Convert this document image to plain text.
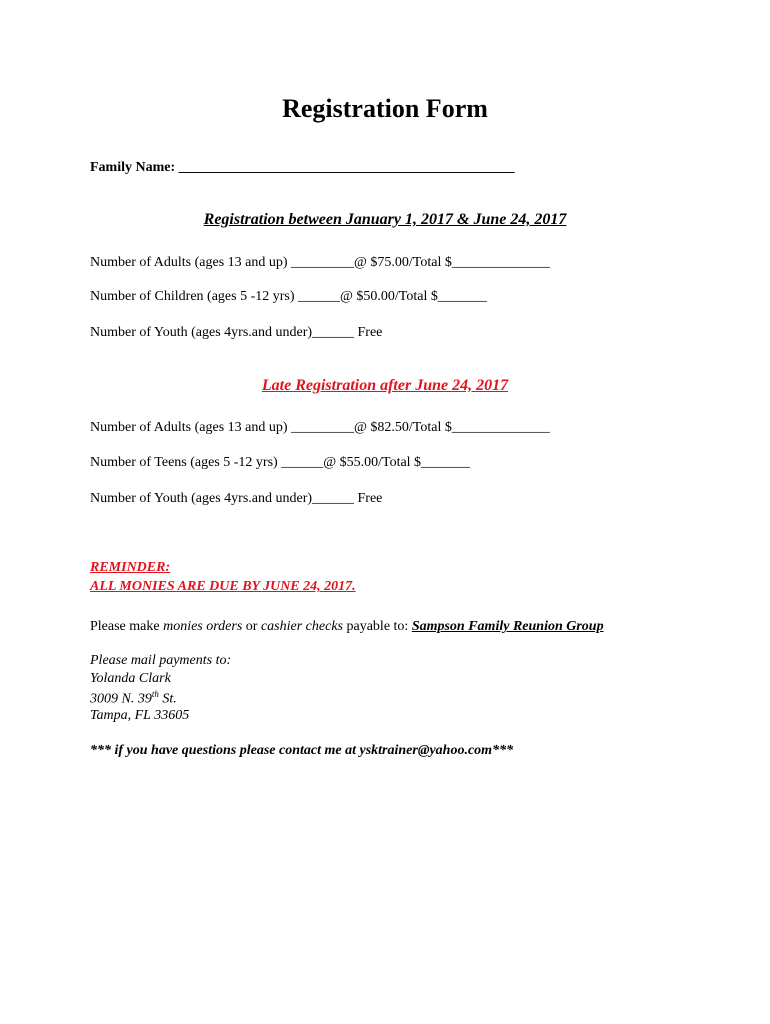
Registration Form
Family Name: ________________________________________________
Registration between January 1, 2017 & June 24, 2017
Number of Adults (ages 13 and up) _________@ $75.00/Total $______________
Number of Children (ages 5 -12 yrs) ______@ $50.00/Total $_______
Number of Youth (ages 4yrs.and under)______ Free
Late Registration after June 24, 2017
Number of Adults (ages 13 and up) _________@ $82.50/Total $______________
Number of Teens (ages 5 -12 yrs) ______@ $55.00/Total $_______
Number of Youth (ages 4yrs.and under)______ Free
REMINDER:
ALL MONIES ARE DUE BY JUNE 24, 2017.
Please make monies orders or cashier checks payable to: Sampson Family Reunion Group
Please mail payments to:
Yolanda Clark
3009 N. 39th St.
Tampa, FL 33605
*** if you have questions please contact me at ysktrainer@yahoo.com***
